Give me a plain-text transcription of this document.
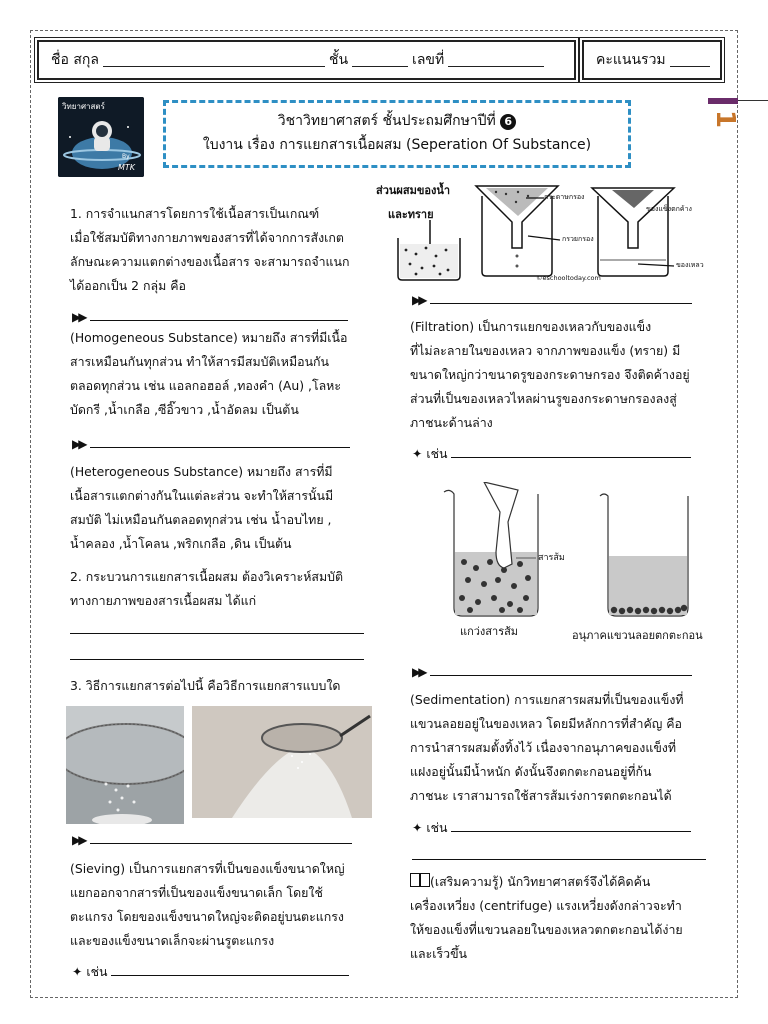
ชื่อ สกุล	ชั้น	เลขที่	คะแนนรวม
วิทยาศาสตร์
By
MTK
วิชาวิทยาศาสตร์ ชั้นประถมศึกษาปีที่ 6
ใบงาน เรื่อง การแยกสารเนื้อผสม (Seperation Of Substance)
1
1. การจำแนกสารโดยการใช้เนื้อสารเป็นเกณฑ์
เมื่อใช้สมบัติทางกายภาพของสารที่ได้จากการสังเกต
ลักษณะความแตกต่างของเนื้อสาร จะสามารถจำแนก
ได้ออกเป็น 2 กลุ่ม คือ
▶▶
(Homogeneous Substance) หมายถึง สารที่มีเนื้อ
สารเหมือนกันทุกส่วน ทำให้สารมีสมบัติเหมือนกัน
ตลอดทุกส่วน เช่น แอลกอฮอล์ ,ทองคำ (Au) ,โลหะ
บัดกรี ,น้ำเกลือ ,ซีอิ๊วขาว ,น้ำอัดลม เป็นต้น
▶▶
(Heterogeneous Substance) หมายถึง สารที่มี
เนื้อสารแตกต่างกันในแต่ละส่วน จะทำให้สารนั้นมี
สมบัติ ไม่เหมือนกันตลอดทุกส่วน เช่น น้ำอบไทย ,
น้ำคลอง ,น้ำโคลน ,พริกเกลือ ,ดิน เป็นต้น
2. กระบวนการแยกสารเนื้อผสม ต้องวิเคราะห์สมบัติ
ทางกายภาพของสารเนื้อผสม ได้แก่
3. วิธีการแยกสารต่อไปนี้ คือวิธีการแยกสารแบบใด
▶▶
(Sieving) เป็นการแยกสารที่เป็นของแข็งขนาดใหญ่
แยกออกจากสารที่เป็นของแข็งขนาดเล็ก โดยใช้
ตะแกรง โดยของแข็งขนาดใหญ่จะติดอยู่บนตะแกรง
และของแข็งขนาดเล็กจะผ่านรูตะแกรง
✦ เช่น
ส่วนผสมของน้ำ
และทราย
กระดาษกรอง
กรวยกรอง
ของแข็งตกค้าง
ของเหลว
©eschooltoday.com
▶▶
(Filtration) เป็นการแยกของเหลวกับของแข็ง
ที่ไม่ละลายในของเหลว จากภาพของแข็ง (ทราย) มี
ขนาดใหญ่กว่าขนาดรูของกระดาษกรอง จึงติดค้างอยู่
ส่วนที่เป็นของเหลวไหลผ่านรูของกระดาษกรองลงสู่
ภาชนะด้านล่าง
✦ เช่น
สารส้ม
แกว่งสารส้ม	อนุภาคแขวนลอยตกตะกอน
▶▶
(Sedimentation) การแยกสารผสมที่เป็นของแข็งที่
แขวนลอยอยู่ในของเหลว โดยมีหลักการที่สำคัญ คือ
การนำสารผสมตั้งทิ้งไว้ เนื่องจากอนุภาคของแข็งที่
แฝงอยู่นั้นมีน้ำหนัก ดังนั้นจึงตกตะกอนอยู่ที่ก้น
ภาชนะ เราสามารถใช้สารส้มเร่งการตกตะกอนได้
✦ เช่น
(เสริมความรู้) นักวิทยาศาสตร์จึงได้คิดค้น
เครื่องเหวี่ยง (centrifuge) แรงเหวี่ยงดังกล่าวจะทำ
ให้ของแข็งที่แขวนลอยในของเหลวตกตะกอนได้ง่าย
และเร็วขึ้น
